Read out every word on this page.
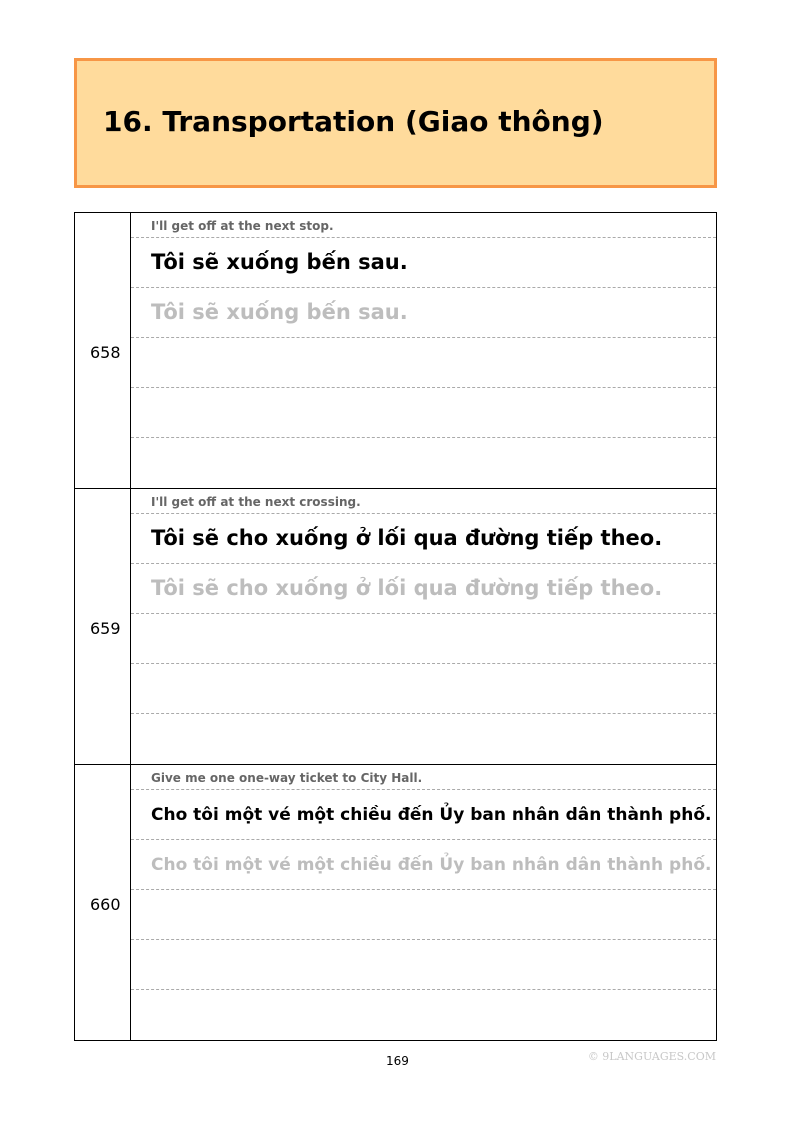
16. Transportation (Giao thông)
658
I'll get off at the next stop.
Tôi sẽ xuống bến sau.
Tôi sẽ xuống bến sau.
659
I'll get off at the next crossing.
Tôi sẽ cho xuống ở lối qua đường tiếp theo.
Tôi sẽ cho xuống ở lối qua đường tiếp theo.
660
Give me one one-way ticket to City Hall.
Cho tôi một vé một chiều đến Ủy ban nhân dân thành phố.
Cho tôi một vé một chiều đến Ủy ban nhân dân thành phố.
169	© 9LANGUAGES.COM
